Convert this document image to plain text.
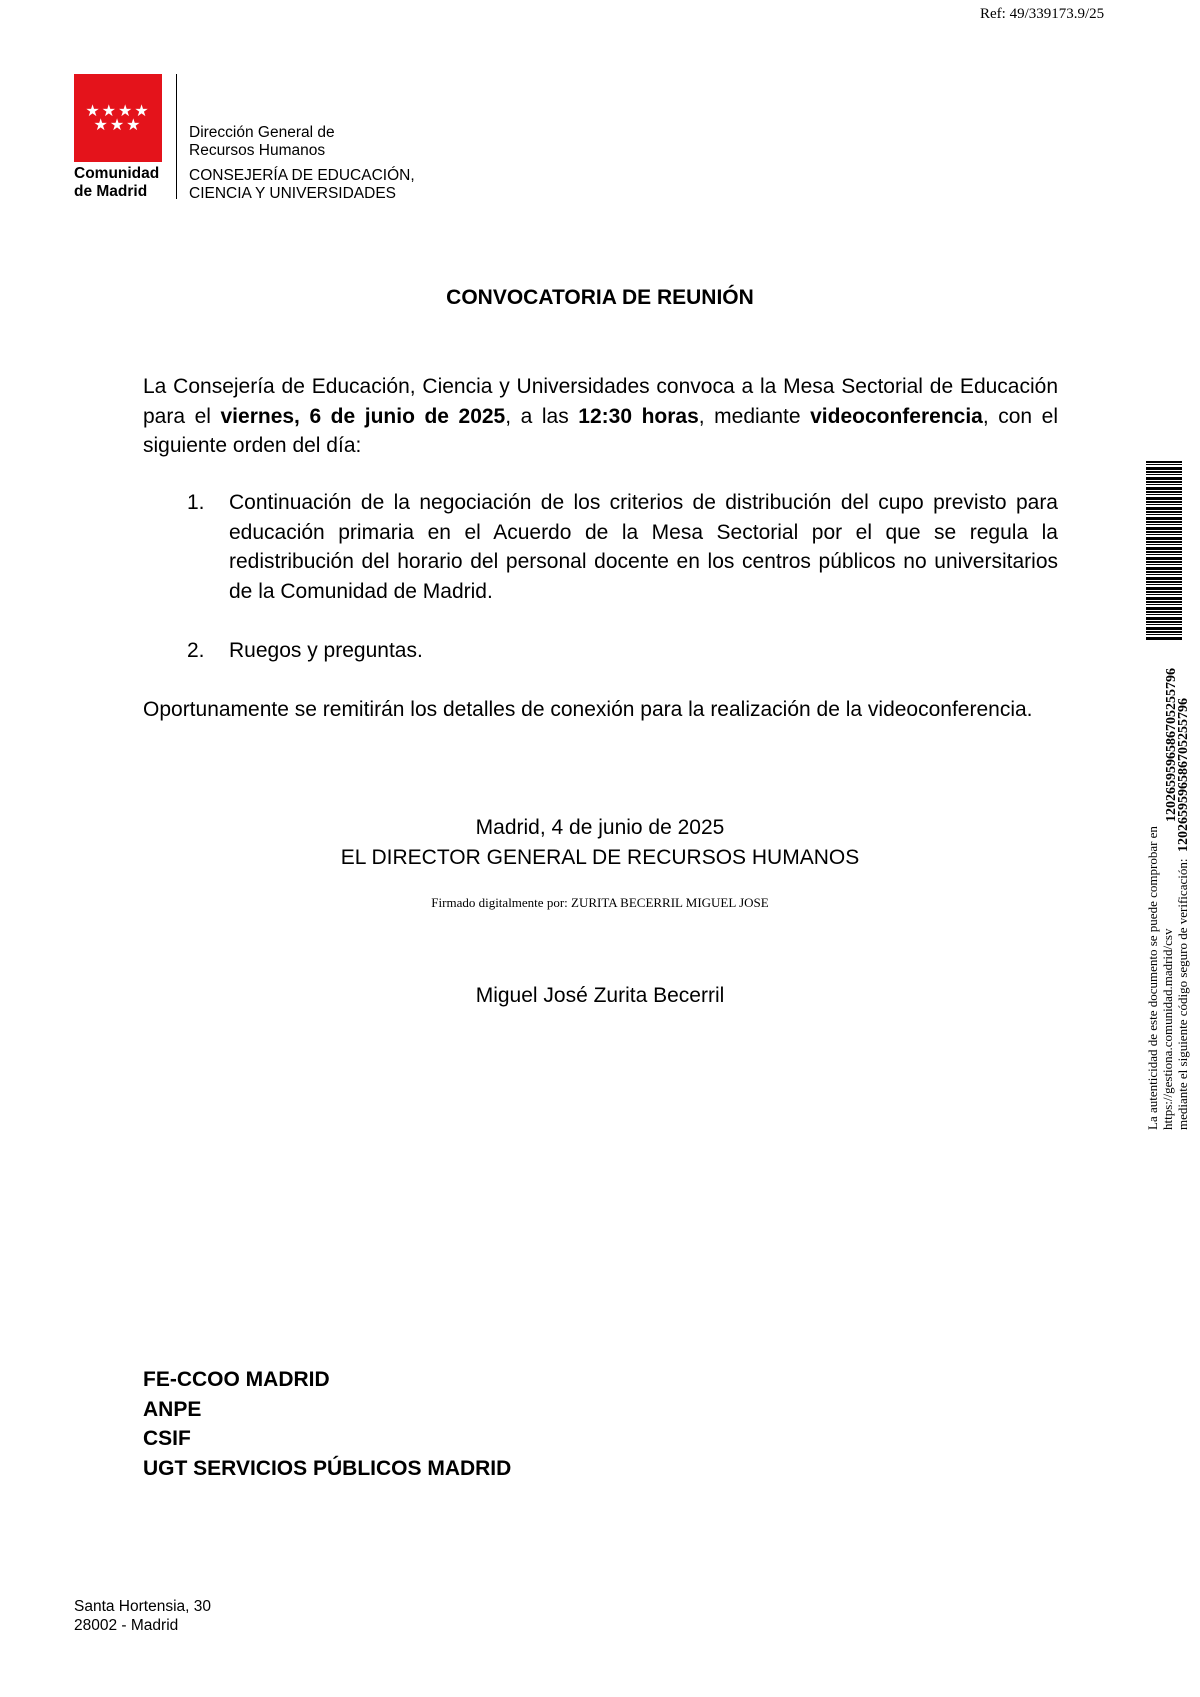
Ref: 49/339173.9/25
★★★★
★★★
Comunidad
de Madrid
Dirección General de
Recursos Humanos
CONSEJERÍA DE EDUCACIÓN,
CIENCIA Y UNIVERSIDADES
CONVOCATORIA DE REUNIÓN
La Consejería de Educación, Ciencia y Universidades convoca a la Mesa Sectorial de Educación para el viernes, 6 de junio de 2025, a las 12:30 horas, mediante videoconferencia, con el siguiente orden del día:
1. Continuación de la negociación de los criterios de distribución del cupo previsto para educación primaria en el Acuerdo de la Mesa Sectorial por el que se regula la redistribución del horario del personal docente en los centros públicos no universitarios de la Comunidad de Madrid.
2. Ruegos y preguntas.
Oportunamente se remitirán los detalles de conexión para la realización de la videoconferencia.
Madrid, 4 de junio de 2025
EL DIRECTOR GENERAL DE RECURSOS HUMANOS
Firmado digitalmente por: ZURITA BECERRIL MIGUEL JOSE
Miguel José Zurita Becerril
FE-CCOO MADRID
ANPE
CSIF
UGT SERVICIOS PÚBLICOS MADRID
Santa Hortensia, 30
28002 - Madrid
1202659596586705255796
La autenticidad de este documento se puede comprobar en https://gestiona.comunidad.madrid/csv mediante el siguiente código seguro de verificación:  1202659596586705255796
